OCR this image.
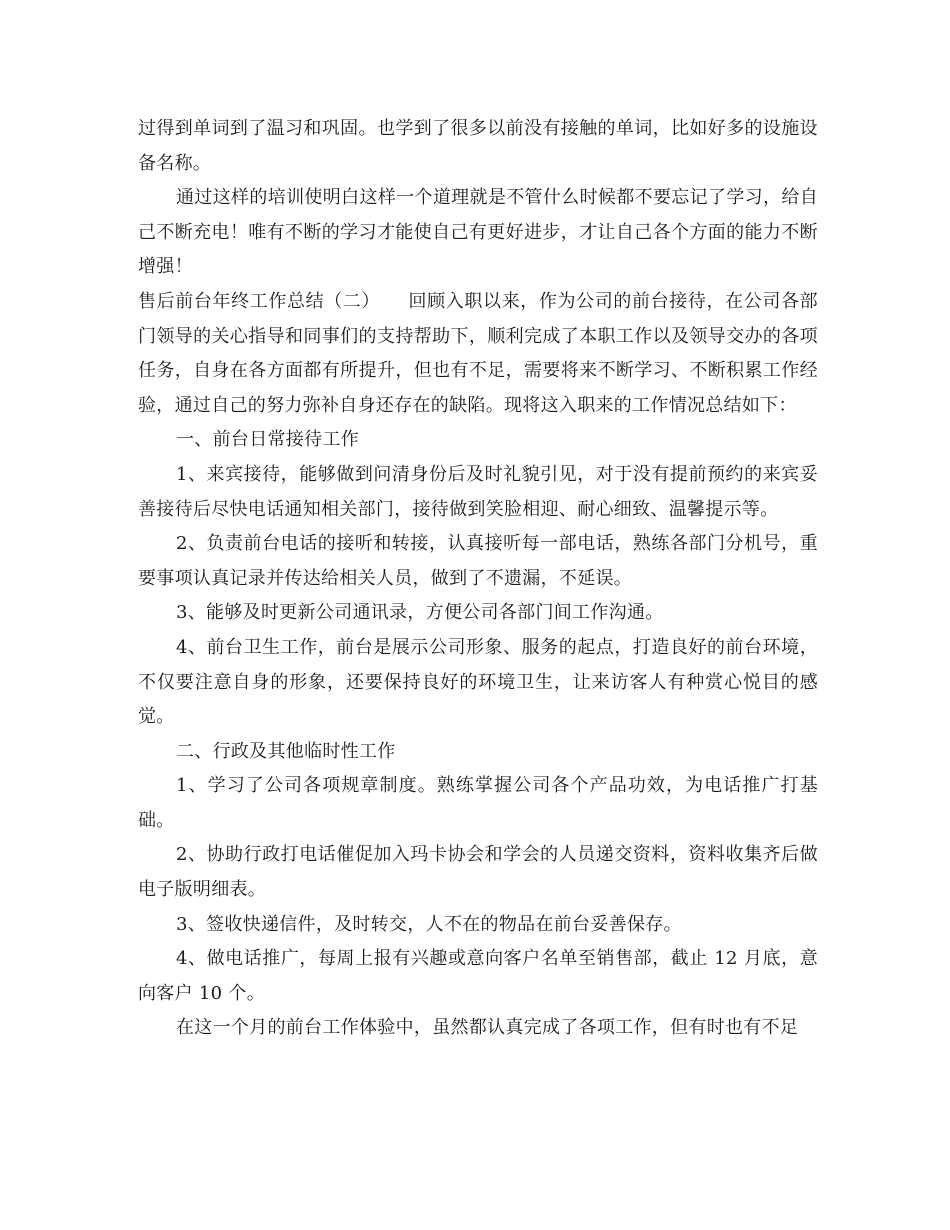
过得到单词到了温习和巩固。也学到了很多以前没有接触的单词，比如好多的设施设备名称。

通过这样的培训使明白这样一个道理就是不管什么时候都不要忘记了学习，给自己不断充电！唯有不断的学习才能使自己有更好进步，才让自己各个方面的能力不断增强！

售后前台年终工作总结（二）　　回顾入职以来，作为公司的前台接待，在公司各部门领导的关心指导和同事们的支持帮助下，顺利完成了本职工作以及领导交办的各项任务，自身在各方面都有所提升，但也有不足，需要将来不断学习、不断积累工作经验，通过自己的努力弥补自身还存在的缺陷。现将这入职来的工作情况总结如下：

一、前台日常接待工作

1、来宾接待，能够做到问清身份后及时礼貌引见，对于没有提前预约的来宾妥善接待后尽快电话通知相关部门，接待做到笑脸相迎、耐心细致、温馨提示等。

2、负责前台电话的接听和转接，认真接听每一部电话，熟练各部门分机号，重要事项认真记录并传达给相关人员，做到了不遗漏，不延误。

3、能够及时更新公司通讯录，方便公司各部门间工作沟通。

4、前台卫生工作，前台是展示公司形象、服务的起点，打造良好的前台环境，不仅要注意自身的形象，还要保持良好的环境卫生，让来访客人有种赏心悦目的感觉。

二、行政及其他临时性工作

1、学习了公司各项规章制度。熟练掌握公司各个产品功效，为电话推广打基础。

2、协助行政打电话催促加入玛卡协会和学会的人员递交资料，资料收集齐后做电子版明细表。

3、签收快递信件，及时转交，人不在的物品在前台妥善保存。

4、做电话推广，每周上报有兴趣或意向客户名单至销售部，截止 12 月底，意向客户 10 个。

在这一个月的前台工作体验中，虽然都认真完成了各项工作，但有时也有不足
